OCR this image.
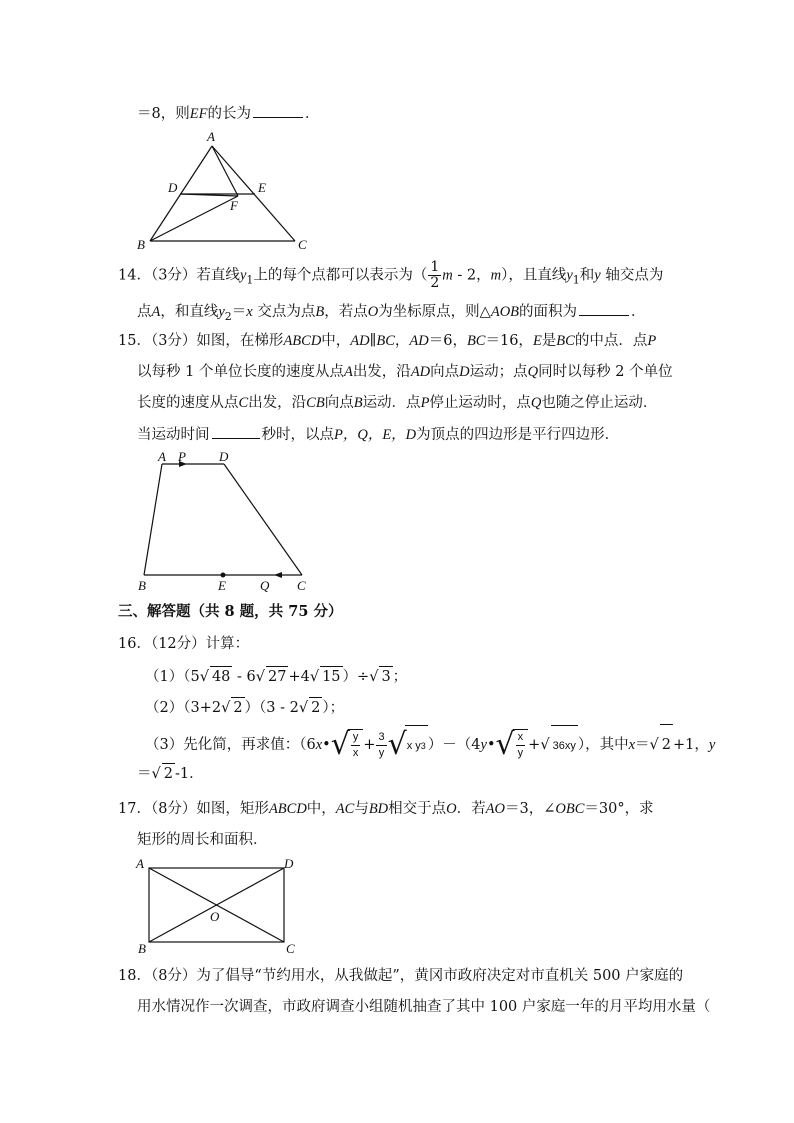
＝8，则EF的长为	．
A
D	E
F
B	C
14．（3分）若直线$y_1$上的每个点都可以表示为（ $\frac{1}{2}$ m - 2，m），且直线$y_1$和y 轴交点为
点A，和直线$y_2=x$ 交点为点B，若点O为坐标原点，则△AOB的面积为	．
15．（3分）如图，在梯形ABCD中，AD∥BC，AD＝6，BC＝16，E是BC的中点．点P
以每秒 1 个单位长度的速度从点A出发，沿AD向点D运动；点Q同时以每秒 2 个单位
长度的速度从点C出发，沿CB向点B运动．点P停止运动时，点Q也随之停止运动．
当运动时间	秒时，以点P，Q，E，D为顶点的四边形是平行四边形．
A P	D
B	E	Q C
三、解答题（共 8 题，共 75 分）
16．（12分）计算：
（1）（5√ 48 - 6√ 27 +4√ 15 ）÷√ 3 ；
（2）（3+2√ 2 ）（3 - 2√ 2 ）；
（3）先化简，再求值：（6x• √ $\frac{y}{x} + \frac{3}{y}$ √ x y 3 ）－（4y• √ $\frac{x}{y}$ +√ 36xy ），其中x＝√ 2 +1，y
＝√ 2 -1．
17．（8分）如图，矩形ABCD中，AC与BD相交于点O．若AO＝3，∠OBC＝30°，求
矩形的周长和面积．
A	D
O
B	C
18．（8分）为了倡导“节约用水，从我做起”，黄冈市政府决定对市直机关 500 户家庭的
用水情况作一次调查，市政府调查小组随机抽查了其中 100 户家庭一年的月平均用水量（
